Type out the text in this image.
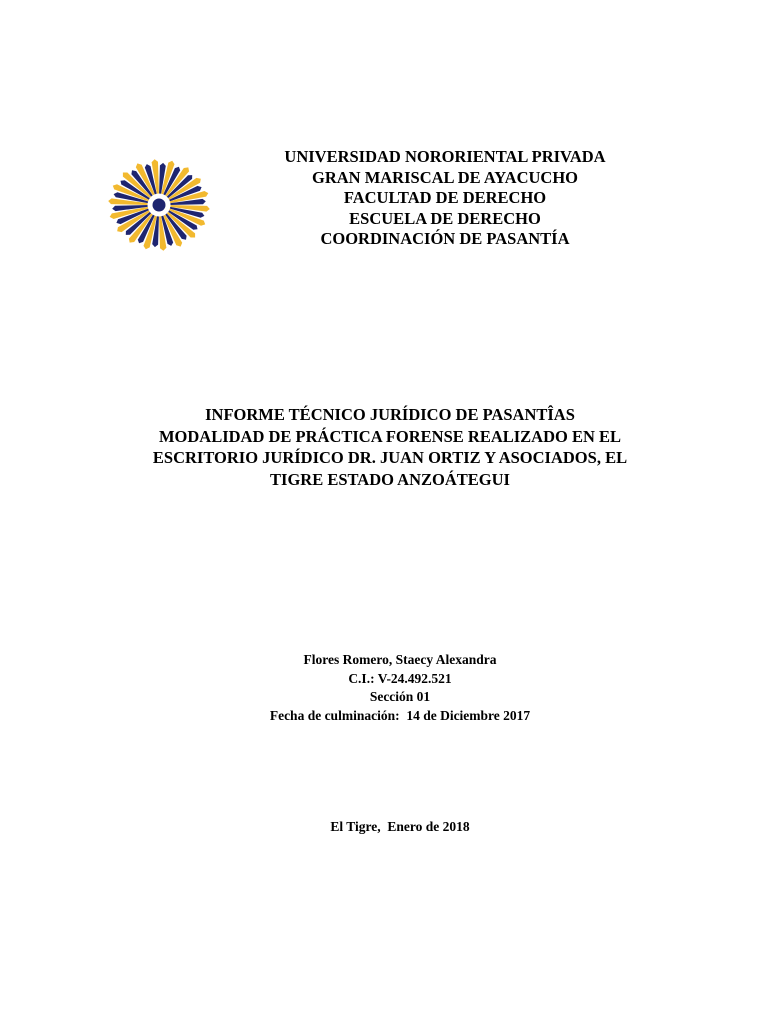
UNIVERSIDAD NORORIENTAL PRIVADA
GRAN MARISCAL DE AYACUCHO
FACULTAD DE DERECHO
ESCUELA DE DERECHO
COORDINACIÓN DE PASANTÍA
INFORME TÉCNICO JURÍDICO DE PASANTÎAS
MODALIDAD DE PRÁCTICA FORENSE REALIZADO EN EL
ESCRITORIO JURÍDICO DR. JUAN ORTIZ Y ASOCIADOS, EL
TIGRE ESTADO ANZOÁTEGUI
Flores Romero, Staecy Alexandra
C.I.: V-24.492.521
Sección 01
Fecha de culminación:  14 de Diciembre 2017
El Tigre,  Enero de 2018
